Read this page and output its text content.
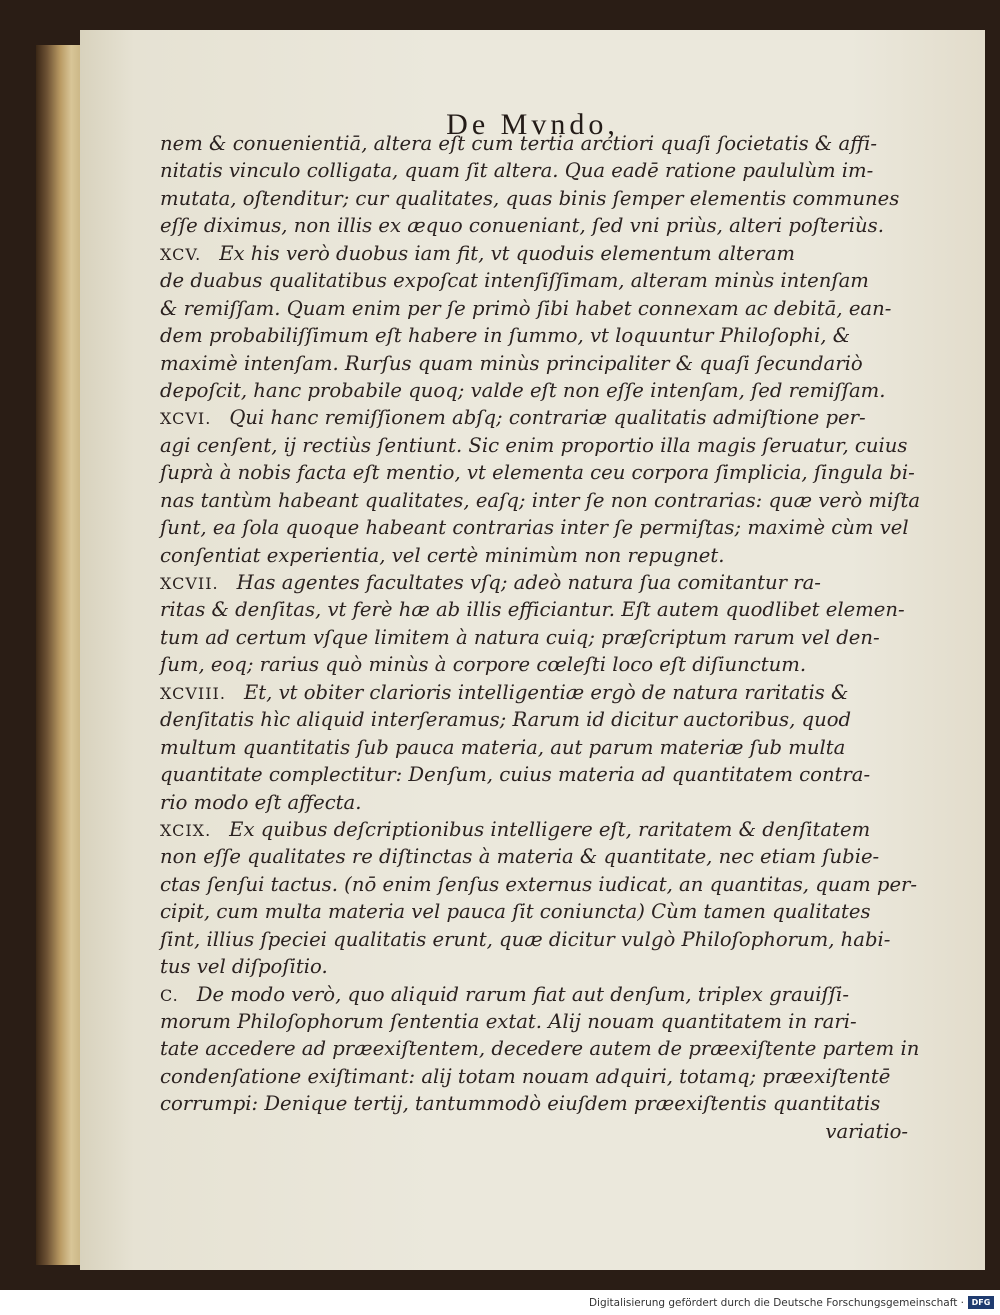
De Mvndo,
nem & conuenientiā, altera eſt cum tertia arctiori quaſi ſocietatis & affi-
nitatis vinculo colligata, quam ſit altera. Qua eadē ratione paululùm im-
mutata, oſtenditur; cur qualitates, quas binis ſemper elementis communes
eſſe diximus, non illis ex æquo conueniant, ſed vni priùs, alteri poſteriùs.
XCV. Ex his verò duobus iam fit, vt quoduis elementum alteram
de duabus qualitatibus expoſcat intenſiſſimam, alteram minùs intenſam
& remiſſam. Quam enim per ſe primò ſibi habet connexam ac debitā, ean-
dem probabiliſſimum eſt habere in ſummo, vt loquuntur Philoſophi, &
maximè intenſam. Rurſus quam minùs principaliter & quaſi ſecundariò
depoſcit, hanc probabile quoq; valde eſt non eſſe intenſam, ſed remiſſam.
XCVI. Qui hanc remiſſionem abſq; contrariæ qualitatis admiſtione per-
agi cenſent, ij rectiùs ſentiunt. Sic enim proportio illa magis ſeruatur, cuius
ſuprà à nobis facta eſt mentio, vt elementa ceu corpora ſimplicia, ſingula bi-
nas tantùm habeant qualitates, eaſq; inter ſe non contrarias: quæ verò miſta
ſunt, ea ſola quoque habeant contrarias inter ſe permiſtas; maximè cùm vel
conſentiat experientia, vel certè minimùm non repugnet.
XCVII. Has agentes facultates vſq; adeò natura ſua comitantur ra-
ritas & denſitas, vt ferè hæ ab illis efficiantur. Eſt autem quodlibet elemen-
tum ad certum vſque limitem à natura cuiq; præſcriptum rarum vel den-
ſum, eoq; rarius quò minùs à corpore cœleſti loco eſt diſiunctum.
XCVIII. Et, vt obiter clarioris intelligentiæ ergò de natura raritatis &
denſitatis hìc aliquid interſeramus; Rarum id dicitur auctoribus, quod
multum quantitatis ſub pauca materia, aut parum materiæ ſub multa
quantitate complectitur: Denſum, cuius materia ad quantitatem contra-
rio modo eſt affecta.
XCIX. Ex quibus deſcriptionibus intelligere eſt, raritatem & denſitatem
non eſſe qualitates re diſtinctas à materia & quantitate, nec etiam ſubie-
ctas ſenſui tactus. (nō enim ſenſus externus iudicat, an quantitas, quam per-
cipit, cum multa materia vel pauca ſit coniuncta) Cùm tamen qualitates
ſint, illius ſpeciei qualitatis erunt, quæ dicitur vulgò Philoſophorum, habi-
tus vel diſpoſitio.
C. De modo verò, quo aliquid rarum fiat aut denſum, triplex grauiſſi-
morum Philoſophorum ſententia extat. Alij nouam quantitatem in rari-
tate accedere ad præexiſtentem, decedere autem de præexiſtente partem in
condenſatione exiſtimant: alij totam nouam adquiri, totamq; præexiſtentē
corrumpi: Denique tertij, tantummodò eiuſdem præexiſtentis quantitatis
variatio-
Digitalisierung gefördert durch die Deutsche Forschungsgemeinschaft · DFG
